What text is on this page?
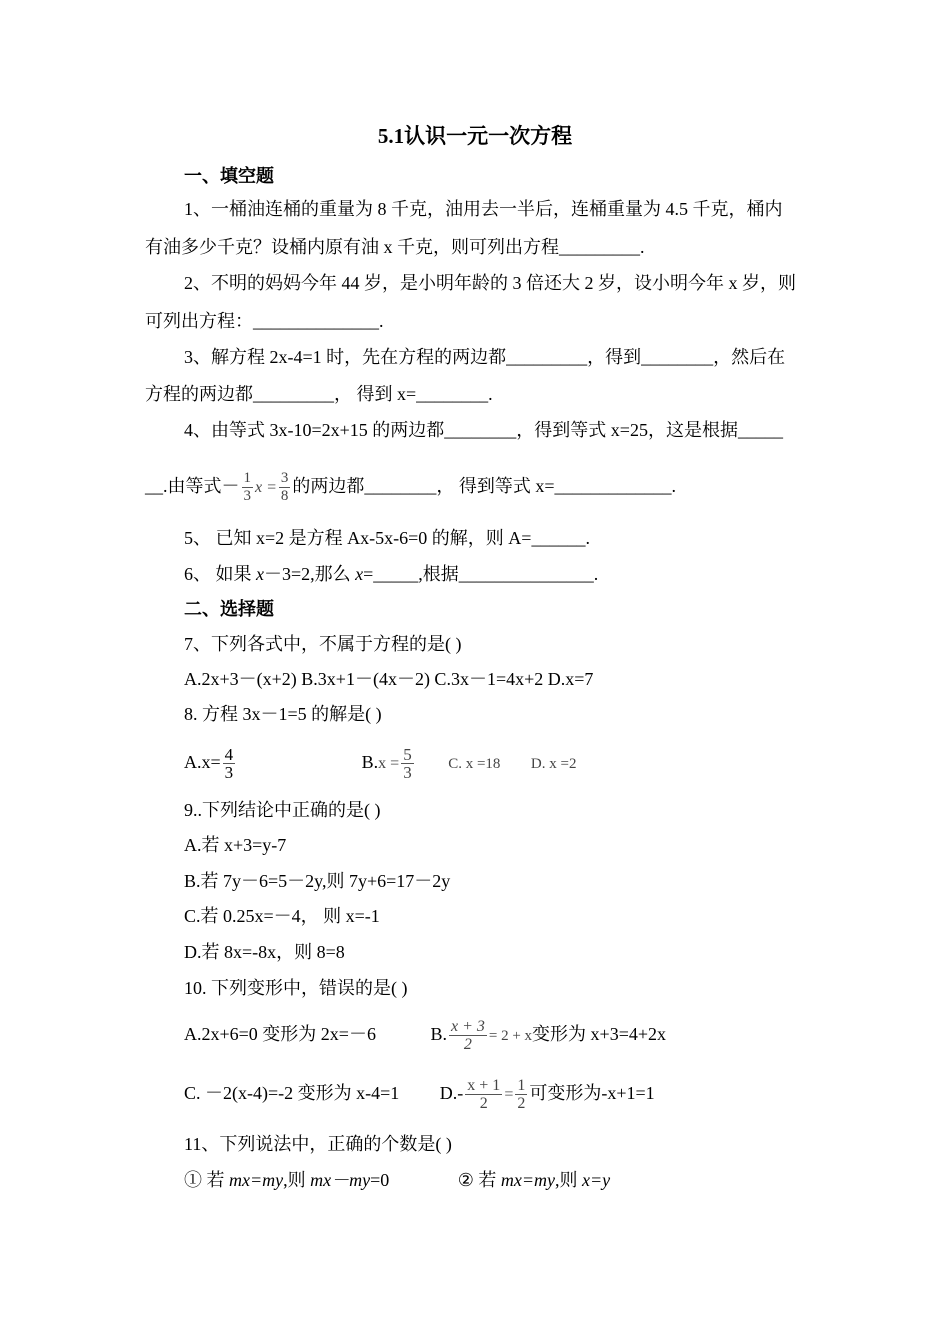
5.1认识一元一次方程
一、填空题
1、一桶油连桶的重量为 8 千克，油用去一半后，连桶重量为 4.5 千克，桶内
有油多少千克？设桶内原有油 x 千克，则可列出方程_________.
2、不明的妈妈今年 44 岁，是小明年龄的 3 倍还大 2 岁，设小明今年 x 岁，则
可列出方程：______________.
3、解方程 2x-4=1 时，先在方程的两边都_________，得到________，然后在
方程的两边都_________， 得到 x=________.
4、由等式 3x-10=2x+15 的两边都________，得到等式 x=25，这是根据_____
__.由等式－ $\frac{1}{3}$ $x = \frac{3}{8}$ 的两边都________， 得到等式 x=_____________.
5、 已知 x=2 是方程 Ax-5x-6=0 的解，则 A=______.
6、 如果 x－3=2,那么 x=_____,根据_______________.
二、选择题
7、下列各式中，不属于方程的是( )
A.2x+3－(x+2) B.3x+1－(4x－2) C.3x－1=4x+2 D.x=7
8. 方程 3x－1=5 的解是( )
$A.x= \frac{4}{3}$	$B.x = \frac{5}{3} C$. x =18 D. x =2
9..下列结论中正确的是( )
A.若 x+3=y-7
B.若 7y－6=5－2y,则 7y+6=17－2y
C.若 0.25x=－4， 则 x=-1
D.若 8x=-8x，则 8=8
10. 下列变形中，错误的是( )
A.2x+6=0 变形为 2x=－6	B. $\frac{x + 3}{2} = 2 + x$变形为 x+3=4+2x
C. －2(x-4)=-2 变形为 x-4=1 $D.- \frac{x + 1}{2} = \frac{1}{2}$ 可变形为-x+1=1
11、下列说法中，正确的个数是( )
① 若 mx=my,则 mx－my=0	② 若 mx=my,则 x=y
